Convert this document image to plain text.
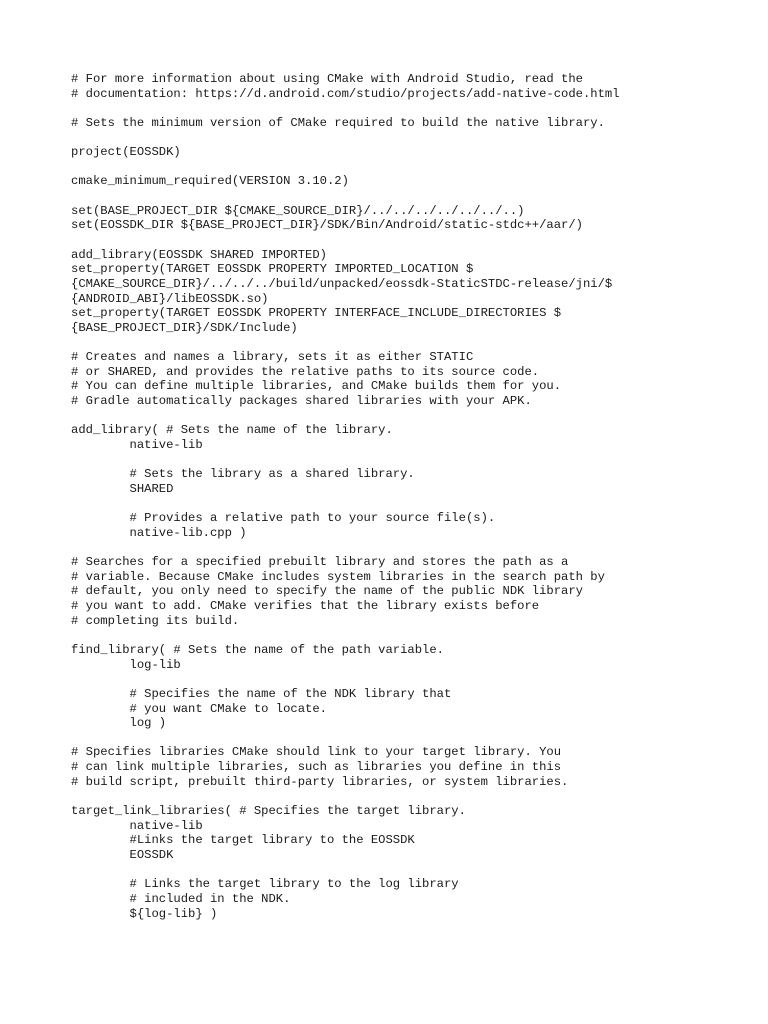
# For more information about using CMake with Android Studio, read the
# documentation: https://d.android.com/studio/projects/add-native-code.html
# Sets the minimum version of CMake required to build the native library.
project(EOSSDK)
cmake_minimum_required(VERSION 3.10.2)
set(BASE_PROJECT_DIR ${CMAKE_SOURCE_DIR}/../../../../../../..)
set(EOSSDK_DIR ${BASE_PROJECT_DIR}/SDK/Bin/Android/static-stdc++/aar/)
add_library(EOSSDK SHARED IMPORTED)
set_property(TARGET EOSSDK PROPERTY IMPORTED_LOCATION $
{CMAKE_SOURCE_DIR}/../../../build/unpacked/eossdk-StaticSTDC-release/jni/$
{ANDROID_ABI}/libEOSSDK.so)
set_property(TARGET EOSSDK PROPERTY INTERFACE_INCLUDE_DIRECTORIES $
{BASE_PROJECT_DIR}/SDK/Include)
# Creates and names a library, sets it as either STATIC
# or SHARED, and provides the relative paths to its source code.
# You can define multiple libraries, and CMake builds them for you.
# Gradle automatically packages shared libraries with your APK.
add_library( # Sets the name of the library.
native-lib
# Sets the library as a shared library.
SHARED
# Provides a relative path to your source file(s).
native-lib.cpp )
# Searches for a specified prebuilt library and stores the path as a
# variable. Because CMake includes system libraries in the search path by
# default, you only need to specify the name of the public NDK library
# you want to add. CMake verifies that the library exists before
# completing its build.
find_library( # Sets the name of the path variable.
log-lib
# Specifies the name of the NDK library that
# you want CMake to locate.
log )
# Specifies libraries CMake should link to your target library. You
# can link multiple libraries, such as libraries you define in this
# build script, prebuilt third-party libraries, or system libraries.
target_link_libraries( # Specifies the target library.
native-lib
#Links the target library to the EOSSDK
EOSSDK
# Links the target library to the log library
# included in the NDK.
${log-lib} )
